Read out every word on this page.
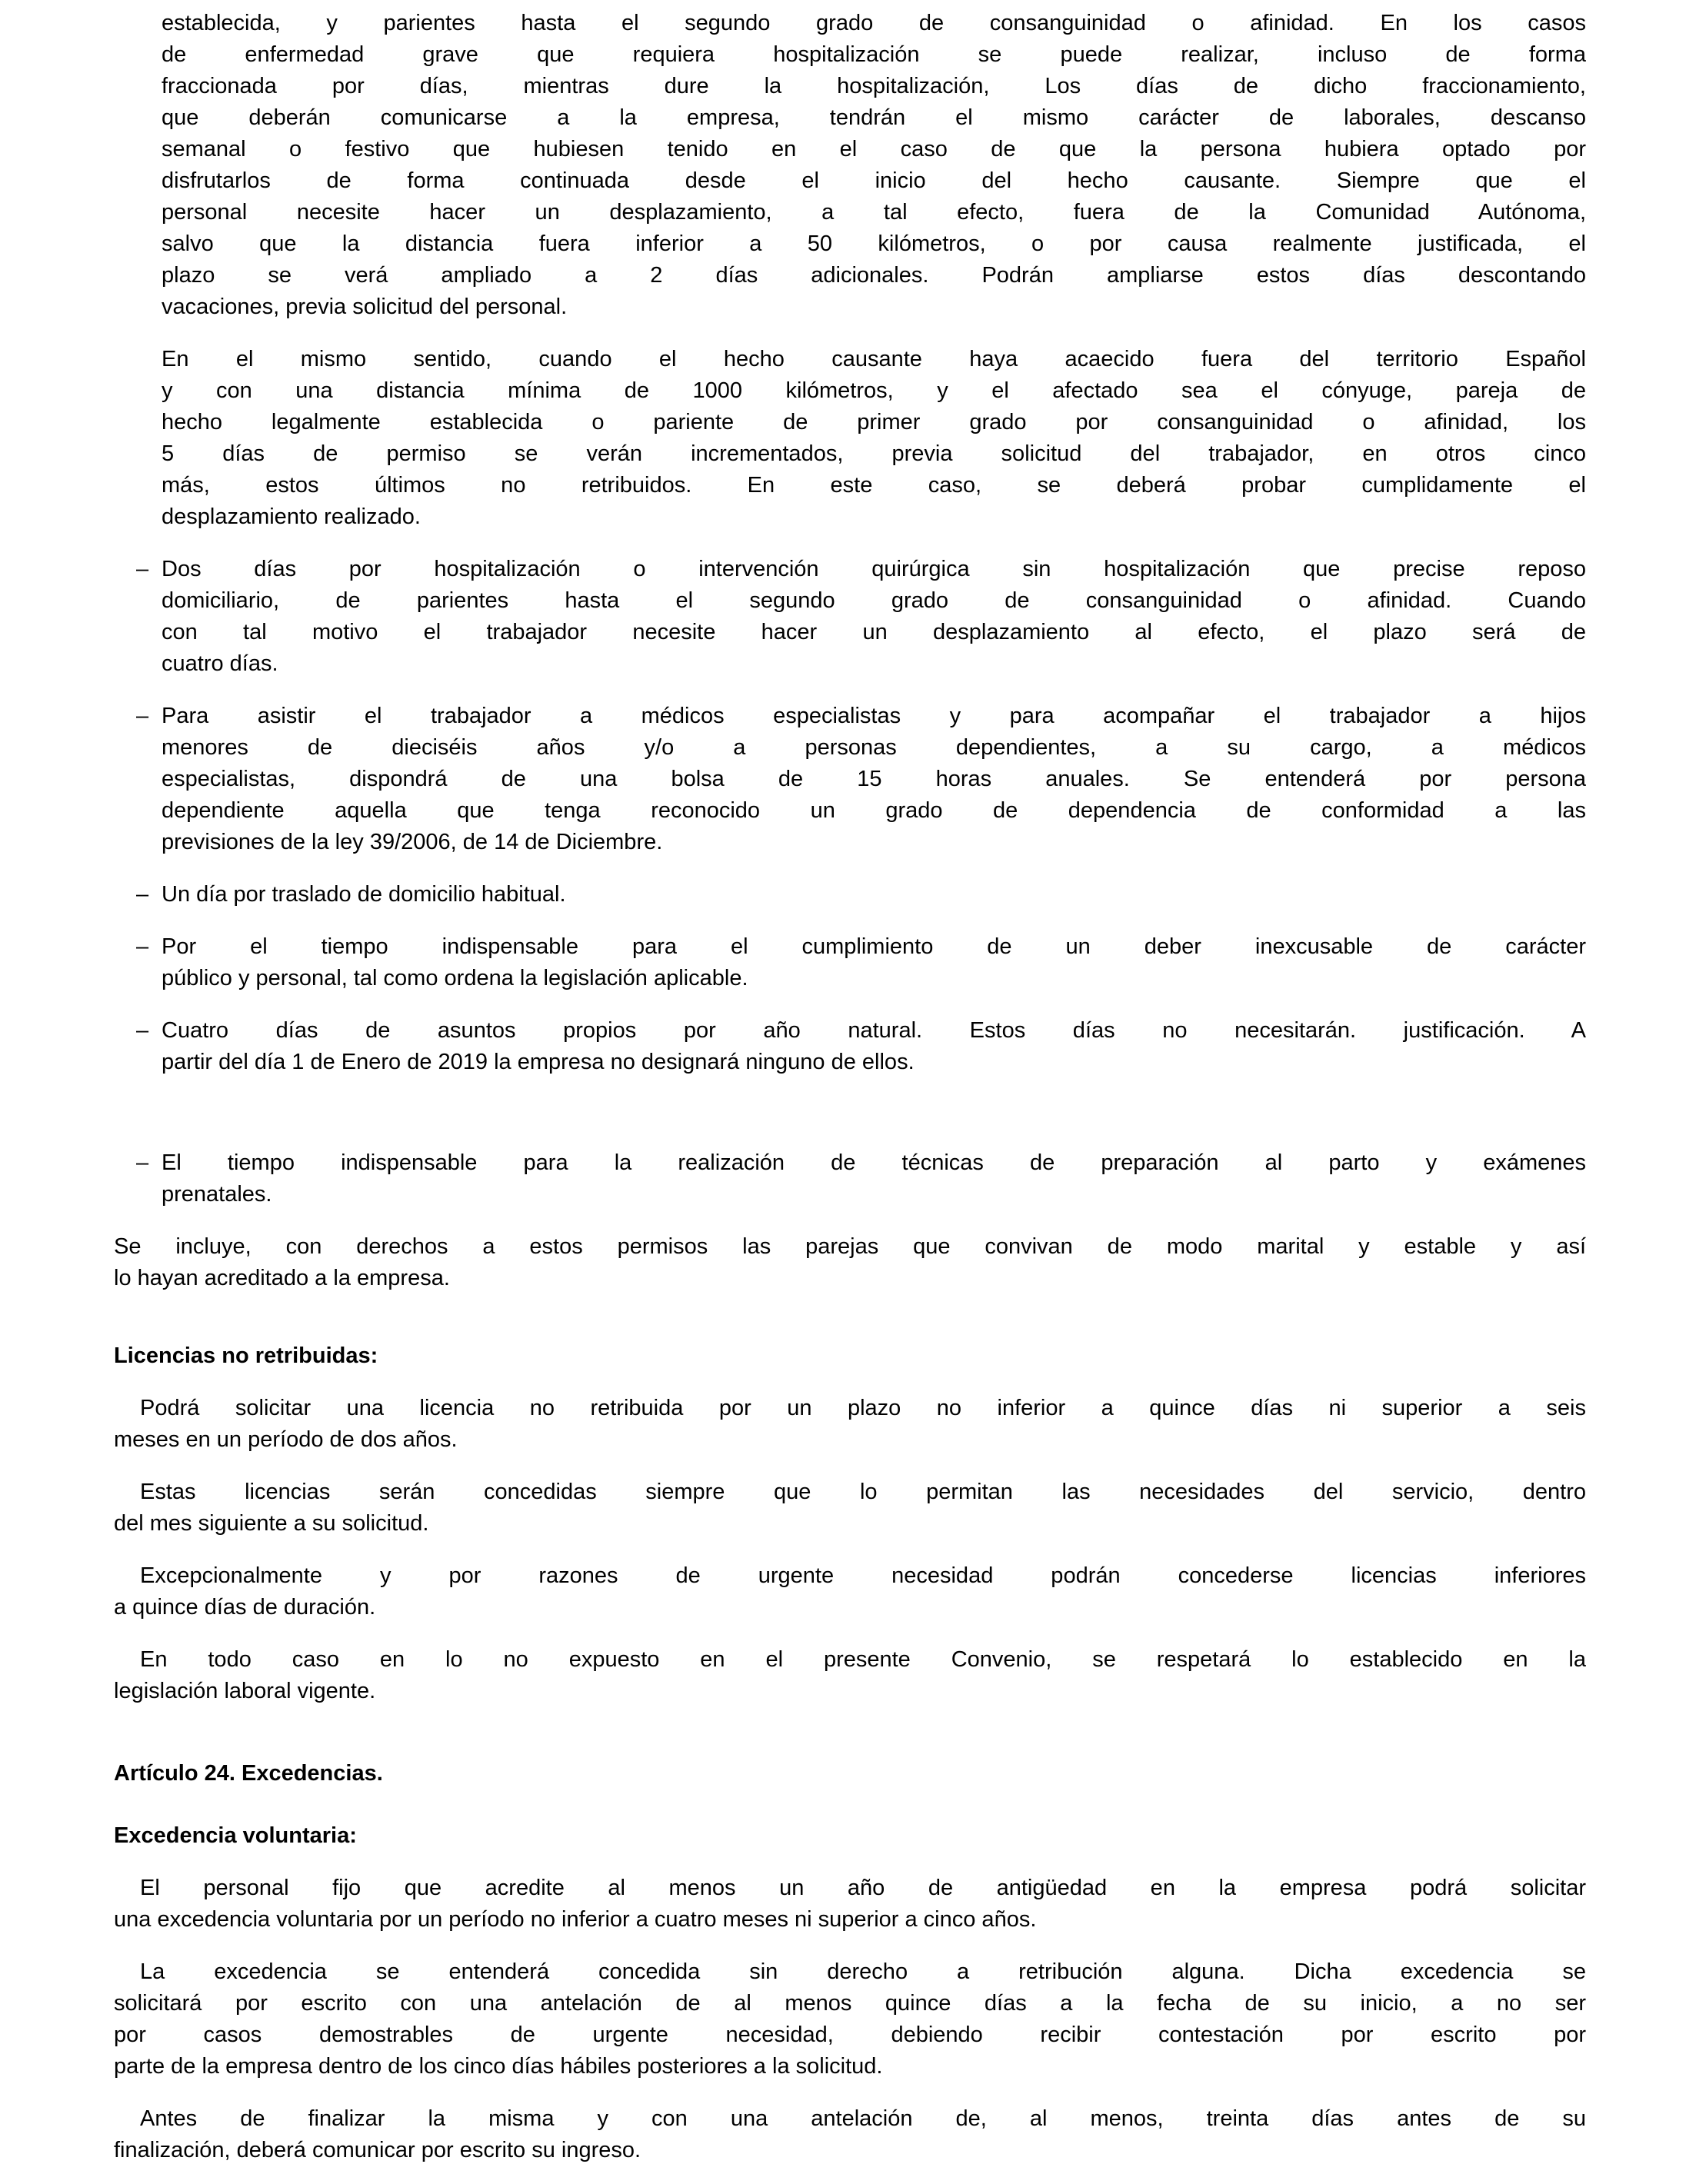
establecida, y parientes hasta el segundo grado de consanguinidad o afinidad. En los casos
de enfermedad grave que requiera hospitalización se puede realizar, incluso de forma
fraccionada por días, mientras dure la hospitalización, Los días de dicho fraccionamiento,
que deberán comunicarse a la empresa, tendrán el mismo carácter de laborales, descanso
semanal o festivo que hubiesen tenido en el caso de que la persona hubiera optado por
disfrutarlos de forma continuada desde el inicio del hecho causante. Siempre que el
personal necesite hacer un desplazamiento, a tal efecto, fuera de la Comunidad Autónoma,
salvo que la distancia fuera inferior a 50 kilómetros, o por causa realmente justificada, el
plazo se verá ampliado a 2 días adicionales. Podrán ampliarse estos días descontando
vacaciones, previa solicitud del personal.
En el mismo sentido, cuando el hecho causante haya acaecido fuera del territorio Español
y con una distancia mínima de 1000 kilómetros, y el afectado sea el cónyuge, pareja de
hecho legalmente establecida o pariente de primer grado por consanguinidad o afinidad, los
5 días de permiso se verán incrementados, previa solicitud del trabajador, en otros cinco
más, estos últimos no retribuidos. En este caso, se deberá probar cumplidamente el
desplazamiento realizado.
– Dos días por hospitalización o intervención quirúrgica sin hospitalización que precise reposo
domiciliario, de parientes hasta el segundo grado de consanguinidad o afinidad. Cuando
con tal motivo el trabajador necesite hacer un desplazamiento al efecto, el plazo será de
cuatro días.
– Para asistir el trabajador a médicos especialistas y para acompañar el trabajador a hijos
menores de dieciséis años y/o a personas dependientes, a su cargo, a médicos
especialistas, dispondrá de una bolsa de 15 horas anuales. Se entenderá por persona
dependiente aquella que tenga reconocido un grado de dependencia de conformidad a las
previsiones de la ley 39/2006, de 14 de Diciembre.
– Un día por traslado de domicilio habitual.
– Por el tiempo indispensable para el cumplimiento de un deber inexcusable de carácter
público y personal, tal como ordena la legislación aplicable.
– Cuatro días de asuntos propios por año natural. Estos días no necesitarán. justificación. A
partir del día 1 de Enero de 2019 la empresa no designará ninguno de ellos.
– El tiempo indispensable para la realización de técnicas de preparación al parto y exámenes
prenatales.
Se incluye, con derechos a estos permisos las parejas que convivan de modo marital y estable y así
lo hayan acreditado a la empresa.
Licencias no retribuidas:
Podrá solicitar una licencia no retribuida por un plazo no inferior a quince días ni superior a seis
meses en un período de dos años.
Estas licencias serán concedidas siempre que lo permitan las necesidades del servicio, dentro
del mes siguiente a su solicitud.
Excepcionalmente y por razones de urgente necesidad podrán concederse licencias inferiores
a quince días de duración.
En todo caso en lo no expuesto en el presente Convenio, se respetará lo establecido en la
legislación laboral vigente.
Artículo 24. Excedencias.
Excedencia voluntaria:
El personal fijo que acredite al menos un año de antigüedad en la empresa podrá solicitar
una excedencia voluntaria por un período no inferior a cuatro meses ni superior a cinco años.
La excedencia se entenderá concedida sin derecho a retribución alguna. Dicha excedencia se
solicitará por escrito con una antelación de al menos quince días a la fecha de su inicio, a no ser
por casos demostrables de urgente necesidad, debiendo recibir contestación por escrito por
parte de la empresa dentro de los cinco días hábiles posteriores a la solicitud.
Antes de finalizar la misma y con una antelación de, al menos, treinta días antes de su
finalización, deberá comunicar por escrito su ingreso.
